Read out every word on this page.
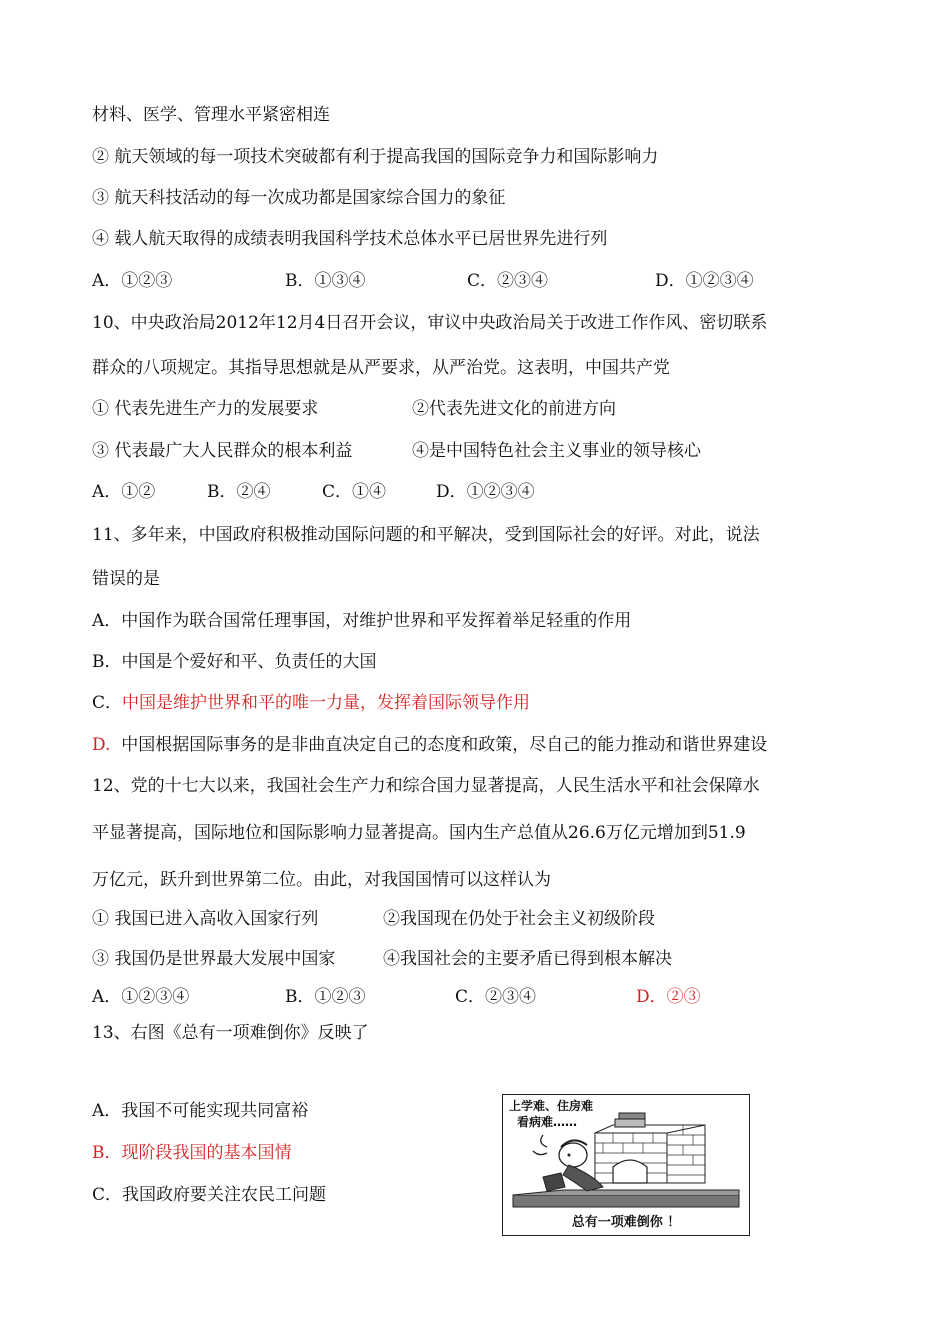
材料、医学、管理水平紧密相连
② 航天领域的每一项技术突破都有利于提高我国的国际竞争力和国际影响力
③ 航天科技活动的每一次成功都是国家综合国力的象征
④ 载人航天取得的成绩表明我国科学技术总体水平已居世界先进行列
A．①②③	B．①③④	C．②③④	D．①②③④
10、中央政治局2012年12月4日召开会议，审议中央政治局关于改进工作作风、密切联系
群众的八项规定。其指导思想就是从严要求，从严治党。这表明，中国共产党
① 代表先进生产力的发展要求	②代表先进文化的前进方向
③ 代表最广大人民群众的根本利益	④是中国特色社会主义事业的领导核心
A．①②	B．②④	C．①④	D．①②③④
11、多年来，中国政府积极推动国际问题的和平解决，受到国际社会的好评。对此，说法
错误的是
A．中国作为联合国常任理事国，对维护世界和平发挥着举足轻重的作用
B．中国是个爱好和平、负责任的大国
C．中国是维护世界和平的唯一力量，发挥着国际领导作用
D.  中国根据国际事务的是非曲直决定自己的态度和政策，尽自己的能力推动和谐世界建设
12、党的十七大以来，我国社会生产力和综合国力显著提高，人民生活水平和社会保障水
平显著提高，国际地位和国际影响力显著提高。国内生产总值从26.6万亿元增加到51.9
万亿元，跃升到世界第二位。由此，对我国国情可以这样认为
① 我国已进入高收入国家行列	②我国现在仍处于社会主义初级阶段
③ 我国仍是世界最大发展中国家	④我国社会的主要矛盾已得到根本解决
A．①②③④	B．①②③	C．②③④	D．②③
13、右图《总有一项难倒你》反映了
A．我国不可能实现共同富裕
B．现阶段我国的基本国情
C．我国政府要关注农民工问题
上学难、住房难
看病难……
总有一项难倒你 ！
